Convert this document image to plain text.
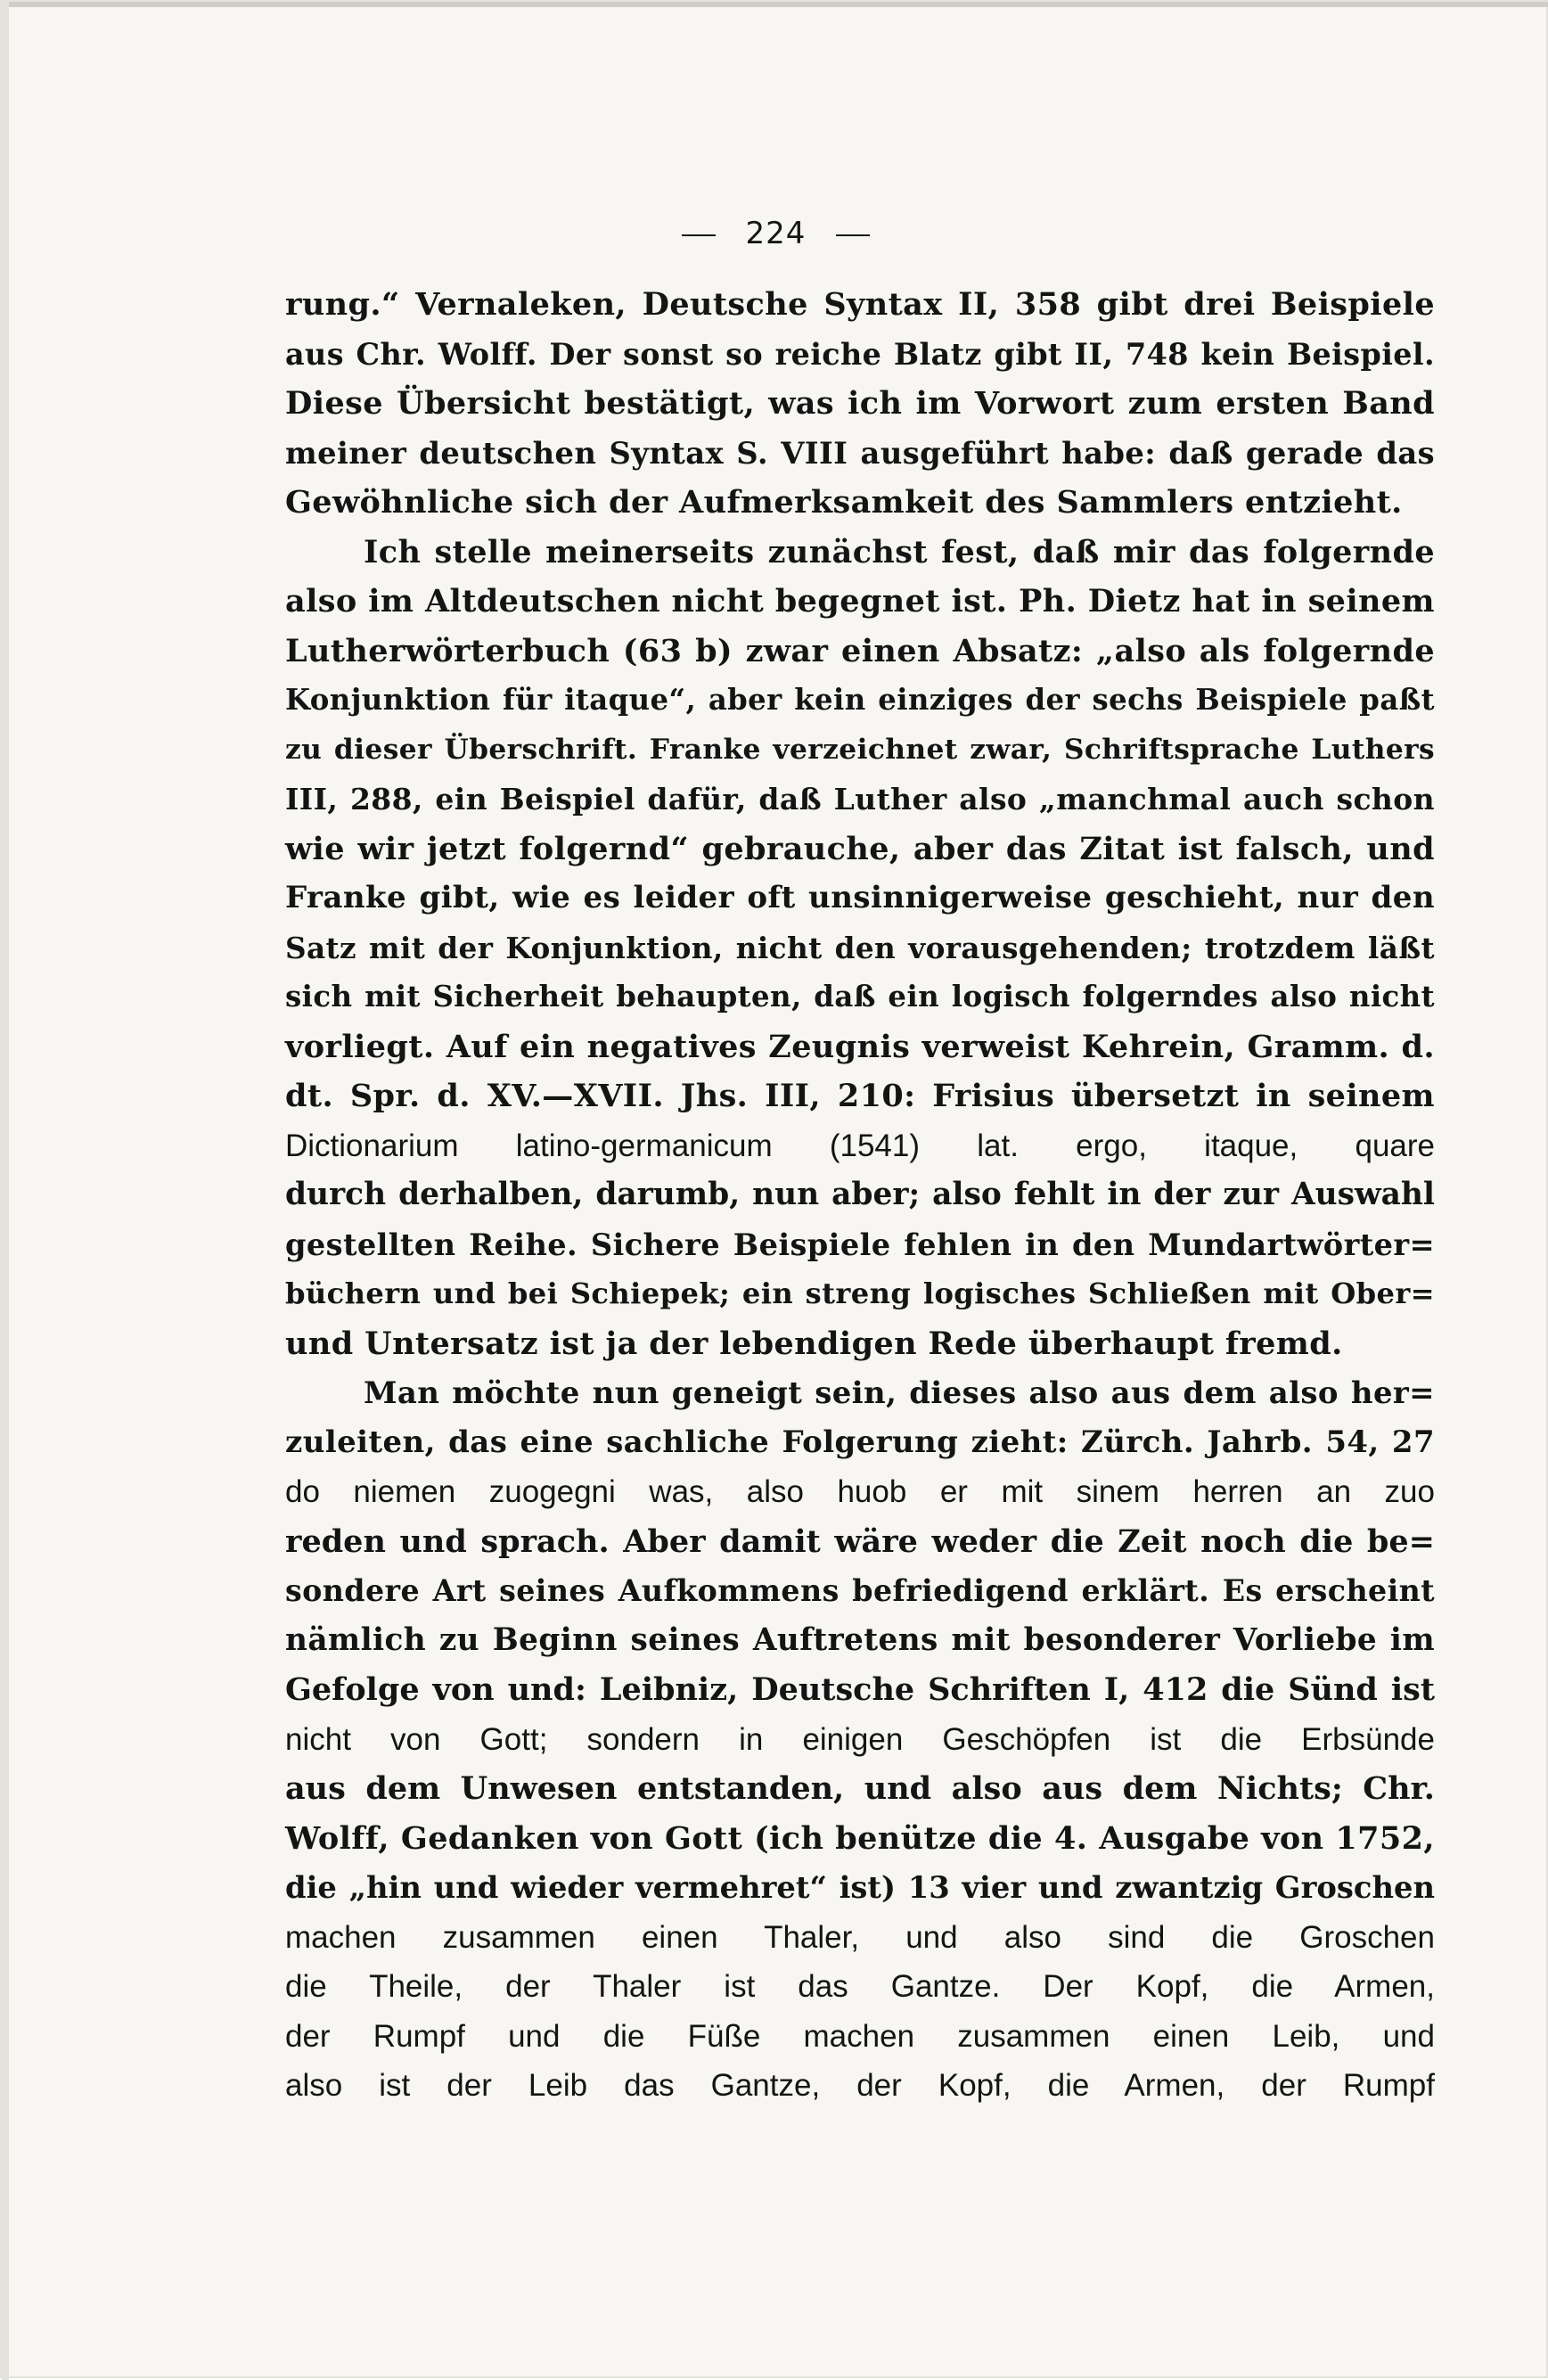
224
rung.“ Vernaleken, Deutsche Syntax II, 358 gibt drei Beispiele
aus Chr. Wolff. Der sonst so reiche Blatz gibt II, 748 kein Beispiel.
Diese Übersicht bestätigt, was ich im Vorwort zum ersten Band
meiner deutschen Syntax S. VIII ausgeführt habe: daß gerade das
Gewöhnliche sich der Aufmerksamkeit des Sammlers entzieht.
Ich stelle meinerseits zunächst fest, daß mir das folgernde
also im Altdeutschen nicht begegnet ist. Ph. Dietz hat in seinem
Lutherwörterbuch (63 b) zwar einen Absatz: „also als folgernde
Konjunktion für itaque“, aber kein einziges der sechs Beispiele paßt
zu dieser Überschrift. Franke verzeichnet zwar, Schriftsprache Luthers
III, 288, ein Beispiel dafür, daß Luther also „manchmal auch schon
wie wir jetzt folgernd“ gebrauche, aber das Zitat ist falsch, und
Franke gibt, wie es leider oft unsinnigerweise geschieht, nur den
Satz mit der Konjunktion, nicht den vorausgehenden; trotzdem läßt
sich mit Sicherheit behaupten, daß ein logisch folgerndes also nicht
vorliegt. Auf ein negatives Zeugnis verweist Kehrein, Gramm. d.
dt. Spr. d. XV.—XVII. Jhs. III, 210: Frisius übersetzt in seinem
Dictionarium latino-germanicum (1541) lat. ergo, itaque, quare
durch derhalben, darumb, nun aber; also fehlt in der zur Auswahl
gestellten Reihe. Sichere Beispiele fehlen in den Mundartwörter=
büchern und bei Schiepek; ein streng logisches Schließen mit Ober=
und Untersatz ist ja der lebendigen Rede überhaupt fremd.
Man möchte nun geneigt sein, dieses also aus dem also her=
zuleiten, das eine sachliche Folgerung zieht: Zürch. Jahrb. 54, 27
do niemen zuogegni was, also huob er mit sinem herren an zuo
reden und sprach. Aber damit wäre weder die Zeit noch die be=
sondere Art seines Aufkommens befriedigend erklärt. Es erscheint
nämlich zu Beginn seines Auftretens mit besonderer Vorliebe im
Gefolge von und: Leibniz, Deutsche Schriften I, 412 die Sünd ist
nicht von Gott; sondern in einigen Geschöpfen ist die Erbsünde
aus dem Unwesen entstanden, und also aus dem Nichts; Chr.
Wolff, Gedanken von Gott (ich benütze die 4. Ausgabe von 1752,
die „hin und wieder vermehret“ ist) 13 vier und zwantzig Groschen
machen zusammen einen Thaler, und also sind die Groschen
die Theile, der Thaler ist das Gantze. Der Kopf, die Armen,
der Rumpf und die Füße machen zusammen einen Leib, und
also ist der Leib das Gantze, der Kopf, die Armen, der Rumpf
